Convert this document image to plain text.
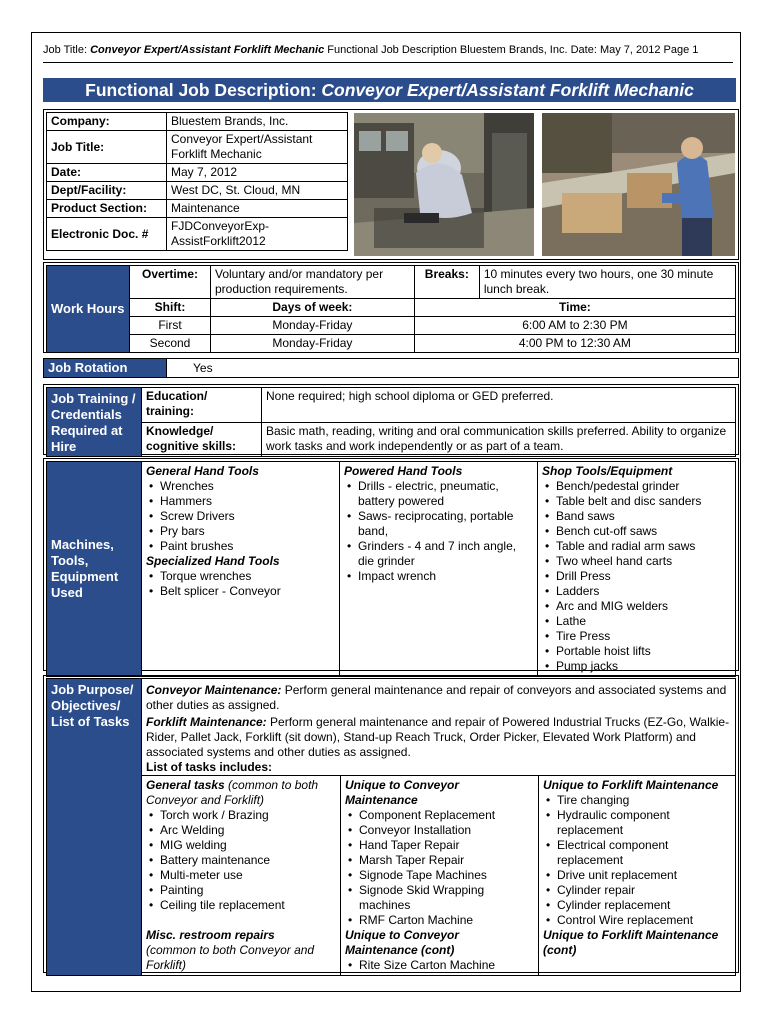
Job Title: Conveyor Expert/Assistant Forklift Mechanic Functional Job Description Bluestem Brands, Inc. Date: May 7, 2012 Page 1
Functional Job Description: Conveyor Expert/Assistant Forklift Mechanic
Company:	Bluestem Brands, Inc.
Job Title:	Conveyor Expert/Assistant Forklift Mechanic
Date:	May 7, 2012
Dept/Facility:	West DC, St. Cloud, MN
Product Section:	Maintenance
Electronic Doc. #	FJDConveyorExp-AssistForklift2012
Work Hours	Overtime:	Voluntary and/or mandatory per production requirements.	Breaks:	10 minutes every two hours, one 30 minute lunch break.
	Shift:	Days of week:	Time:	
	First	Monday-Friday	6:00 AM to 2:30 PM	
	Second	Monday-Friday	4:00 PM to 12:30 AM	
Job Rotation		Yes
Job Training / Credentials Required at Hire	Education/ training:	None required; high school diploma or GED preferred.
	Knowledge/ cognitive skills:	Basic math, reading, writing and oral communication skills preferred. Ability to organize work tasks and work independently or as part of a team.
Machines, Tools, Equipment Used	
General Hand Tools
• Wrenches
• Hammers
• Screw Drivers
• Pry bars
• Paint brushes
Specialized Hand Tools
• Torque wrenches
• Belt splicer - Conveyor

Powered Hand Tools
• Drills - electric, pneumatic, battery powered
• Saws- reciprocating, portable band,
• Grinders - 4 and 7 inch angle, die grinder
• Impact wrench

Shop Tools/Equipment
• Bench/pedestal grinder
• Table belt and disc sanders
• Band saws
• Bench cut-off saws
• Table and radial arm saws
• Two wheel hand carts
• Drill Press
• Ladders
• Arc and MIG welders
• Lathe
• Tire Press
• Portable hoist lifts
• Pump jacks
Job Purpose/ Objectives/ List of Tasks	
Conveyor Maintenance: Perform general maintenance and repair of conveyors and associated systems and other duties as assigned.
Forklift Maintenance: Perform general maintenance and repair of Powered Industrial Trucks (EZ-Go, Walkie-Rider, Pallet Jack, Forklift (sit down), Stand-up Reach Truck, Order Picker, Elevated Work Platform) and associated systems and other duties as assigned.
List of tasks includes:
General tasks (common to both Conveyor and Forklift)
• Torch work / Brazing
• Arc Welding
• MIG welding
• Battery maintenance
• Multi-meter use
• Painting
• Ceiling tile replacement
Misc. restroom repairs
(common to both Conveyor and Forklift)

Unique to Conveyor Maintenance
• Component Replacement
• Conveyor Installation
• Hand Taper Repair
• Marsh Taper Repair
• Signode Tape Machines
• Signode Skid Wrapping machines
• RMF Carton Machine
Unique to Conveyor Maintenance (cont)
• Rite Size Carton Machine

Unique to Forklift Maintenance
• Tire changing
• Hydraulic component replacement
• Electrical component replacement
• Drive unit replacement
• Cylinder repair
• Cylinder replacement
• Control Wire replacement
Unique to Forklift Maintenance (cont)
